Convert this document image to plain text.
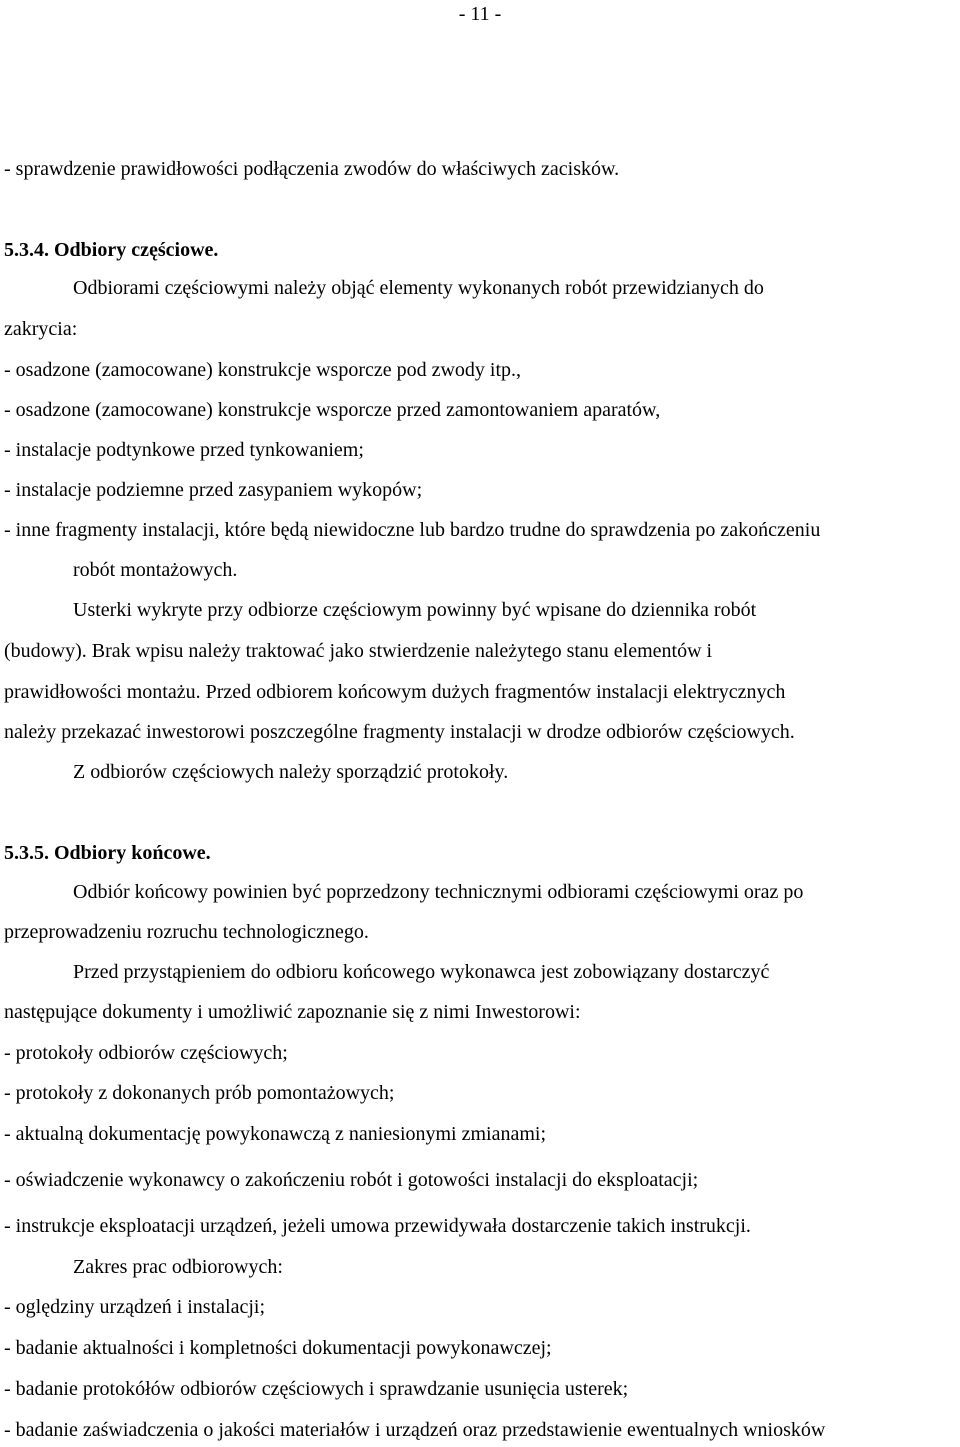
- 11 -
- sprawdzenie prawidłowości podłączenia zwodów do właściwych zacisków.
5.3.4. Odbiory częściowe.
Odbiorami częściowymi należy objąć elementy wykonanych robót przewidzianych do
zakrycia:
- osadzone (zamocowane) konstrukcje wsporcze pod zwody itp.,
- osadzone (zamocowane) konstrukcje wsporcze przed zamontowaniem aparatów,
- instalacje podtynkowe przed tynkowaniem;
- instalacje podziemne przed zasypaniem wykopów;
- inne fragmenty instalacji, które będą niewidoczne lub bardzo trudne do sprawdzenia po zakończeniu
robót montażowych.
Usterki wykryte przy odbiorze częściowym powinny być wpisane do dziennika robót
(budowy). Brak wpisu należy traktować jako stwierdzenie należytego stanu elementów i
prawidłowości montażu. Przed odbiorem końcowym dużych fragmentów instalacji elektrycznych
należy przekazać inwestorowi poszczególne fragmenty instalacji w drodze odbiorów częściowych.
Z odbiorów częściowych należy sporządzić protokoły.
5.3.5. Odbiory końcowe.
Odbiór końcowy powinien być poprzedzony technicznymi odbiorami częściowymi oraz po
przeprowadzeniu rozruchu technologicznego.
Przed przystąpieniem do odbioru końcowego wykonawca jest zobowiązany dostarczyć
następujące dokumenty i umożliwić zapoznanie się z nimi Inwestorowi:
- protokoły odbiorów częściowych;
- protokoły z dokonanych prób pomontażowych;
- aktualną dokumentację powykonawczą z naniesionymi zmianami;
- oświadczenie wykonawcy o zakończeniu robót i gotowości instalacji do eksploatacji;
- instrukcje eksploatacji urządzeń, jeżeli umowa przewidywała dostarczenie takich instrukcji.
Zakres prac odbiorowych:
- oględziny urządzeń i instalacji;
- badanie aktualności i kompletności dokumentacji powykonawczej;
- badanie protokółów odbiorów częściowych i sprawdzanie usunięcia usterek;
- badanie zaświadczenia o jakości materiałów i urządzeń oraz przedstawienie ewentualnych wniosków
